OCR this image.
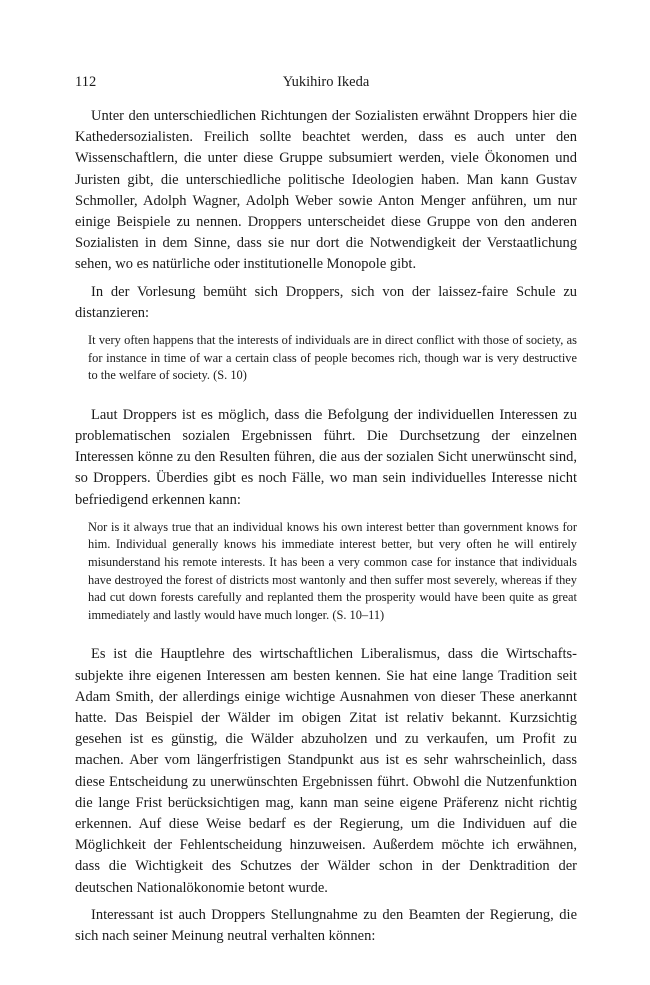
112	Yukihiro Ikeda

Unter den unterschiedlichen Richtungen der Sozialisten erwähnt Droppers hier die Kathedersozialisten. Freilich sollte beachtet werden, dass es auch unter den Wissenschaftlern, die unter diese Gruppe subsumiert werden, viele Ökonomen und Juristen gibt, die unterschiedliche politische Ideologien haben. Man kann Gustav Schmoller, Adolph Wagner, Adolph Weber sowie Anton Menger anführen, um nur einige Beispiele zu nennen. Droppers unterscheidet diese Gruppe von den anderen Sozialisten in dem Sinne, dass sie nur dort die Notwendigkeit der Verstaatlichung sehen, wo es natürliche oder institutionelle Monopole gibt.

In der Vorlesung bemüht sich Droppers, sich von der laissez-faire Schule zu distanzieren:

It very often happens that the interests of individuals are in direct conflict with those of society, as for instance in time of war a certain class of people becomes rich, though war is very destructive to the welfare of society. (S. 10)

Laut Droppers ist es möglich, dass die Befolgung der individuellen Interessen zu problematischen sozialen Ergebnissen führt. Die Durchsetzung der einzelnen Interessen könne zu den Resulten führen, die aus der sozialen Sicht unerwünscht sind, so Droppers. Überdies gibt es noch Fälle, wo man sein individuelles Interesse nicht befriedigend erkennen kann:

Nor is it always true that an individual knows his own interest better than government knows for him. Individual generally knows his immediate interest better, but very often he will entirely misunderstand his remote interests. It has been a very common case for instance that individuals have destroyed the forest of districts most wantonly and then suffer most severely, whereas if they had cut down forests carefully and replanted them the prosperity would have been quite as great immediately and lastly would have much longer. (S. 10–11)

Es ist die Hauptlehre des wirtschaftlichen Liberalismus, dass die Wirtschaftssubjekte ihre eigenen Interessen am besten kennen. Sie hat eine lange Tradition seit Adam Smith, der allerdings einige wichtige Ausnahmen von dieser These anerkannt hatte. Das Beispiel der Wälder im obigen Zitat ist relativ bekannt. Kurzsichtig gesehen ist es günstig, die Wälder abzuholzen und zu verkaufen, um Profit zu machen. Aber vom längerfristigen Standpunkt aus ist es sehr wahrscheinlich, dass diese Entscheidung zu unerwünschten Ergebnissen führt. Obwohl die Nutzenfunktion die lange Frist berücksichtigen mag, kann man seine eigene Präferenz nicht richtig erkennen. Auf diese Weise bedarf es der Regierung, um die Individuen auf die Möglichkeit der Fehlentscheidung hinzuweisen. Außerdem möchte ich erwähnen, dass die Wichtigkeit des Schutzes der Wälder schon in der Denktradition der deutschen Nationalökonomie betont wurde.

Interessant ist auch Droppers Stellungnahme zu den Beamten der Regierung, die sich nach seiner Meinung neutral verhalten können:
